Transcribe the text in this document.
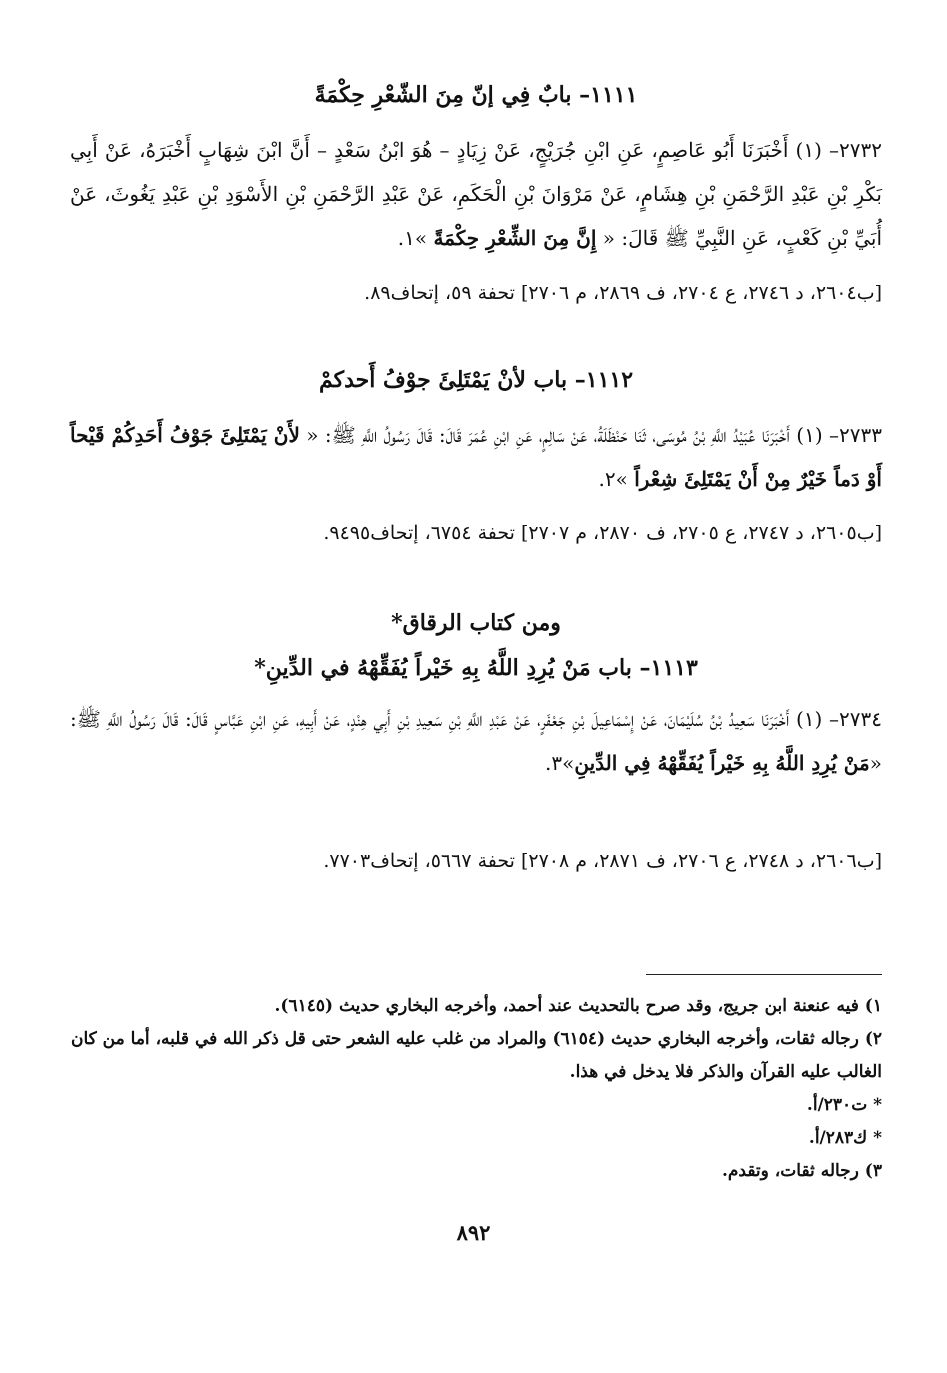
١١١١– بابٌ فِي إنّ مِنَ الشّعْرِ حِكْمَةً

٢٧٣٢– (١) أَخْبَرَنَا أَبُو عَاصِمٍ، عَنِ ابْنِ جُرَيْجٍ، عَنْ زِيَادٍ – هُوَ ابْنُ سَعْدٍ – أَنَّ ابْنَ شِهَابٍ أَخْبَرَهُ، عَنْ أَبِي بَكْرِ بْنِ عَبْدِ الرَّحْمَنِ بْنِ هِشَامٍ، عَنْ مَرْوَانَ بْنِ الْحَكَمِ، عَنْ عَبْدِ الرَّحْمَنِ بْنِ الأَسْوَدِ بْنِ عَبْدِ يَغُوثَ، عَنْ أُبَيِّ بْنِ كَعْبٍ، عَنِ النَّبِيِّ ﷺ قَالَ: « إِنَّ مِنَ الشِّعْرِ حِكْمَةً »١.

[ب٢٦٠٤، د ٢٧٤٦، ع ٢٧٠٤، ف ٢٨٦٩، م ٢٧٠٦] تحفة ٥٩، إتحاف٨٩.

١١١٢– باب لأنْ يَمْتَلِئَ جوْفُ أَحدكمْ

٢٧٣٣– (١) أَخْبَرَنَا عُبَيْدُ اللَّهِ بْنُ مُوسَى، ثَنَا حَنْظَلَةُ، عَنْ سَالِمٍ، عَنِ ابْنِ عُمَرَ قَالَ: قَالَ رَسُولُ اللَّهِ ﷺ: « لأَنْ يَمْتَلِئَ جَوْفُ أَحَدِكُمْ قَيْحاً أَوْ دَماً خَيْرٌ مِنْ أَنْ يَمْتَلِئَ شِعْراً »٢.

[ب٢٦٠٥، د ٢٧٤٧، ع ٢٧٠٥، ف ٢٨٧٠، م ٢٧٠٧] تحفة ٦٧٥٤، إتحاف٩٤٩٥.

ومن كتاب الرقاق*
١١١٣– باب مَنْ يُرِدِ اللَّهُ بِهِ خَيْراً يُفَقِّهْهُ في الدِّينِ*

٢٧٣٤– (١) أَخْبَرَنَا سَعِيدُ بْنُ سُلَيْمَانَ، عَنْ إِسْمَاعِيلَ بْنِ جَعْفَرٍ، عَنْ عَبْدِ اللَّهِ بْنِ سَعِيدِ بْنِ أَبِي هِنْدٍ، عَنْ أَبِيهِ، عَنِ ابْنِ عَبَّاسٍ قَالَ: قَالَ رَسُولُ اللَّهِ ﷺ: «مَنْ يُرِدِ اللَّهُ بِهِ خَيْراً يُفَقِّهْهُ فِي الدِّينِ»٣.

[ب٢٦٠٦، د ٢٧٤٨، ع ٢٧٠٦، ف ٢٨٧١، م ٢٧٠٨] تحفة ٥٦٦٧، إتحاف٧٧٠٣.

١) فيه عنعنة ابن جريج، وقد صرح بالتحديث عند أحمد، وأخرجه البخاري حديث (٦١٤٥).

٢) رجاله ثقات، وأخرجه البخاري حديث (٦١٥٤) والمراد من غلب عليه الشعر حتى قل ذكر الله في قلبه، أما من كان الغالب عليه القرآن والذكر فلا يدخل في هذا.

* ت٢٣٠/أ.

* ك٢٨٣/أ.

٣) رجاله ثقات، وتقدم.

٨٩٢
